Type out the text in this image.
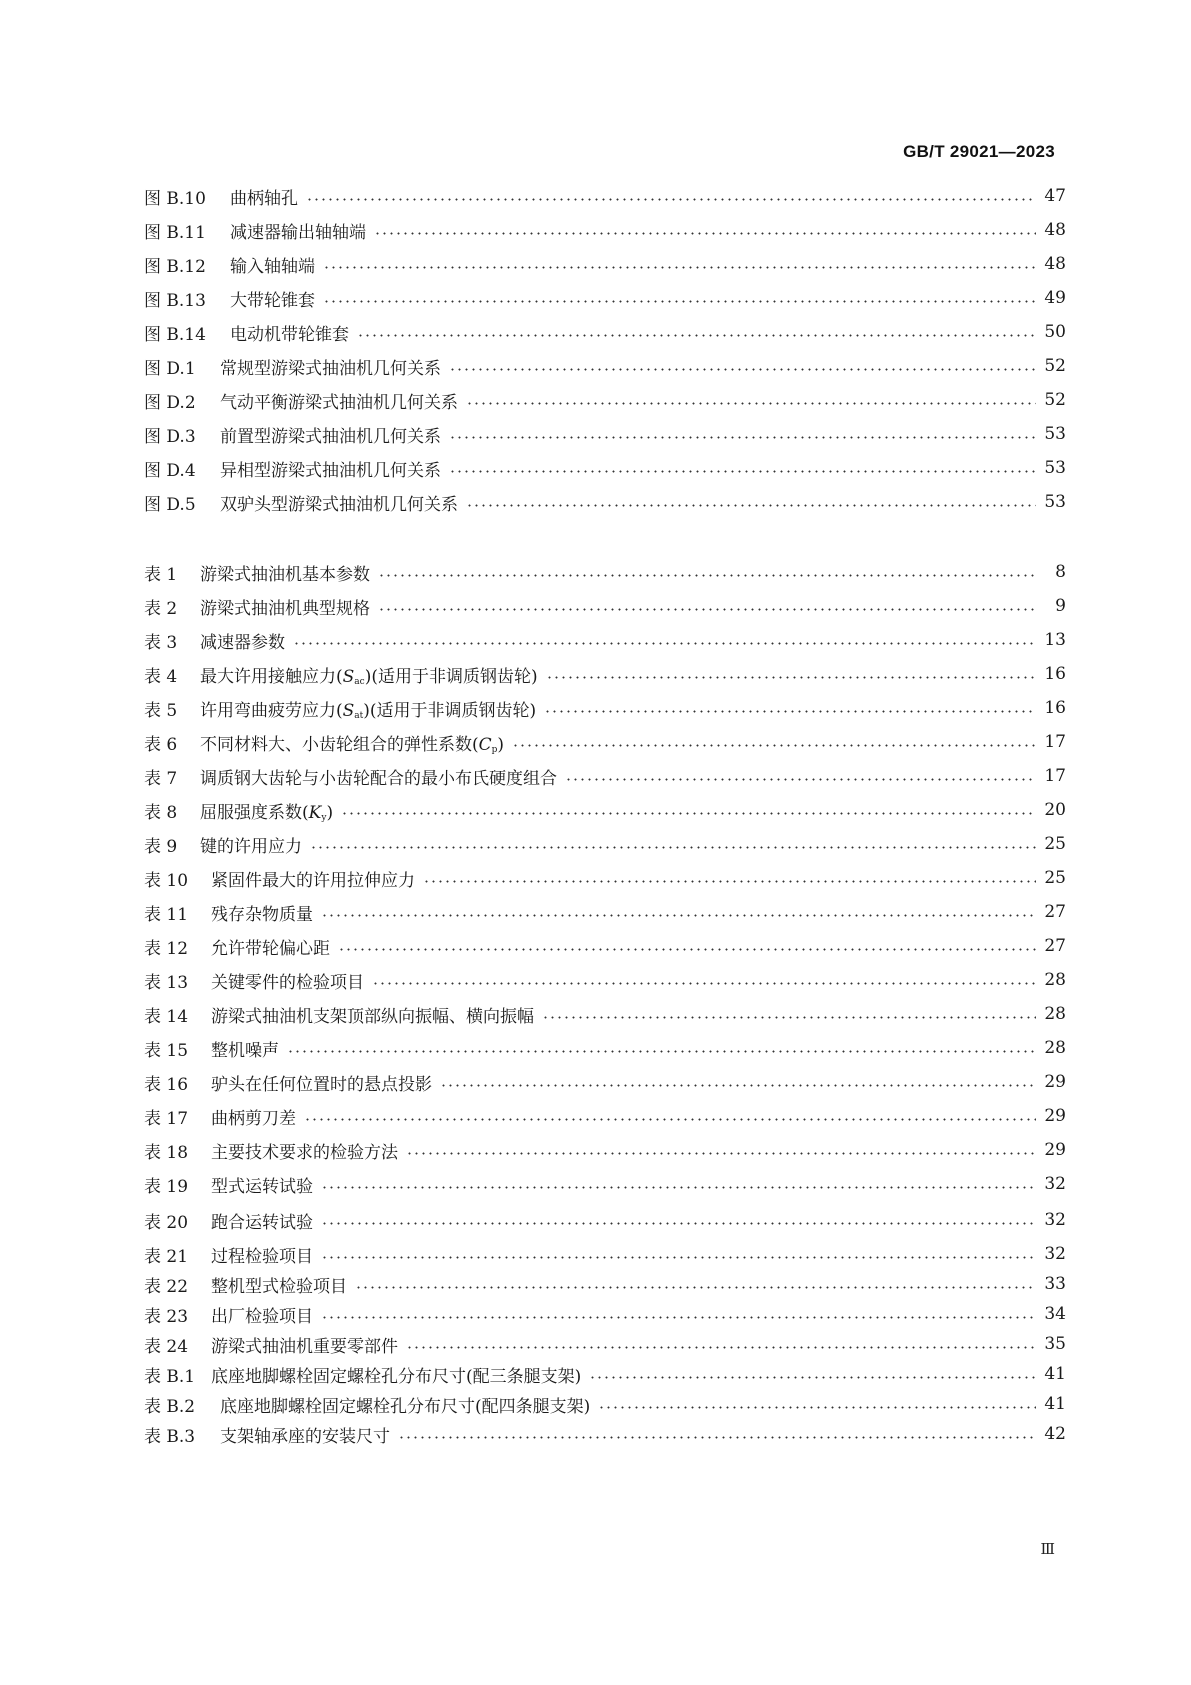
GB/T 29021—2023
图 B.10	曲柄轴孔	47
图 B.11	减速器输出轴轴端	48
图 B.12	输入轴轴端	48
图 B.13	大带轮锥套	49
图 B.14	电动机带轮锥套	50
图 D.1	常规型游梁式抽油机几何关系	52
图 D.2	气动平衡游梁式抽油机几何关系	52
图 D.3	前置型游梁式抽油机几何关系	53
图 D.4	异相型游梁式抽油机几何关系	53
图 D.5	双驴头型游梁式抽油机几何关系	53
表 1	游梁式抽油机基本参数	8
表 2	游梁式抽油机典型规格	9
表 3	减速器参数	13
表 4	最大许用接触应力$(S_{ac})$(适用于非调质钢齿轮)	16
表 5	许用弯曲疲劳应力$(S_{at})$(适用于非调质钢齿轮)	16
表 6	不同材料大、小齿轮组合的弹性系数$(C_p)$	17
表 7	调质钢大齿轮与小齿轮配合的最小布氏硬度组合	17
表 8	屈服强度系数$(K_y)$	20
表 9	键的许用应力	25
表 10	紧固件最大的许用拉伸应力	25
表 11	残存杂物质量	27
表 12	允许带轮偏心距	27
表 13	关键零件的检验项目	28
表 14	游梁式抽油机支架顶部纵向振幅、横向振幅	28
表 15	整机噪声	28
表 16	驴头在任何位置时的悬点投影	29
表 17	曲柄剪刀差	29
表 18	主要技术要求的检验方法	29
表 19	型式运转试验	32
表 20	跑合运转试验	32
表 21	过程检验项目	32
表 22	整机型式检验项目	33
表 23	出厂检验项目	34
表 24	游梁式抽油机重要零部件	35
表 B.1 底座地脚螺栓固定螺栓孔分布尺寸(配三条腿支架)	41
表 B.2	底座地脚螺栓固定螺栓孔分布尺寸(配四条腿支架)	41
表 B.3	支架轴承座的安装尺寸	42
Ⅲ
